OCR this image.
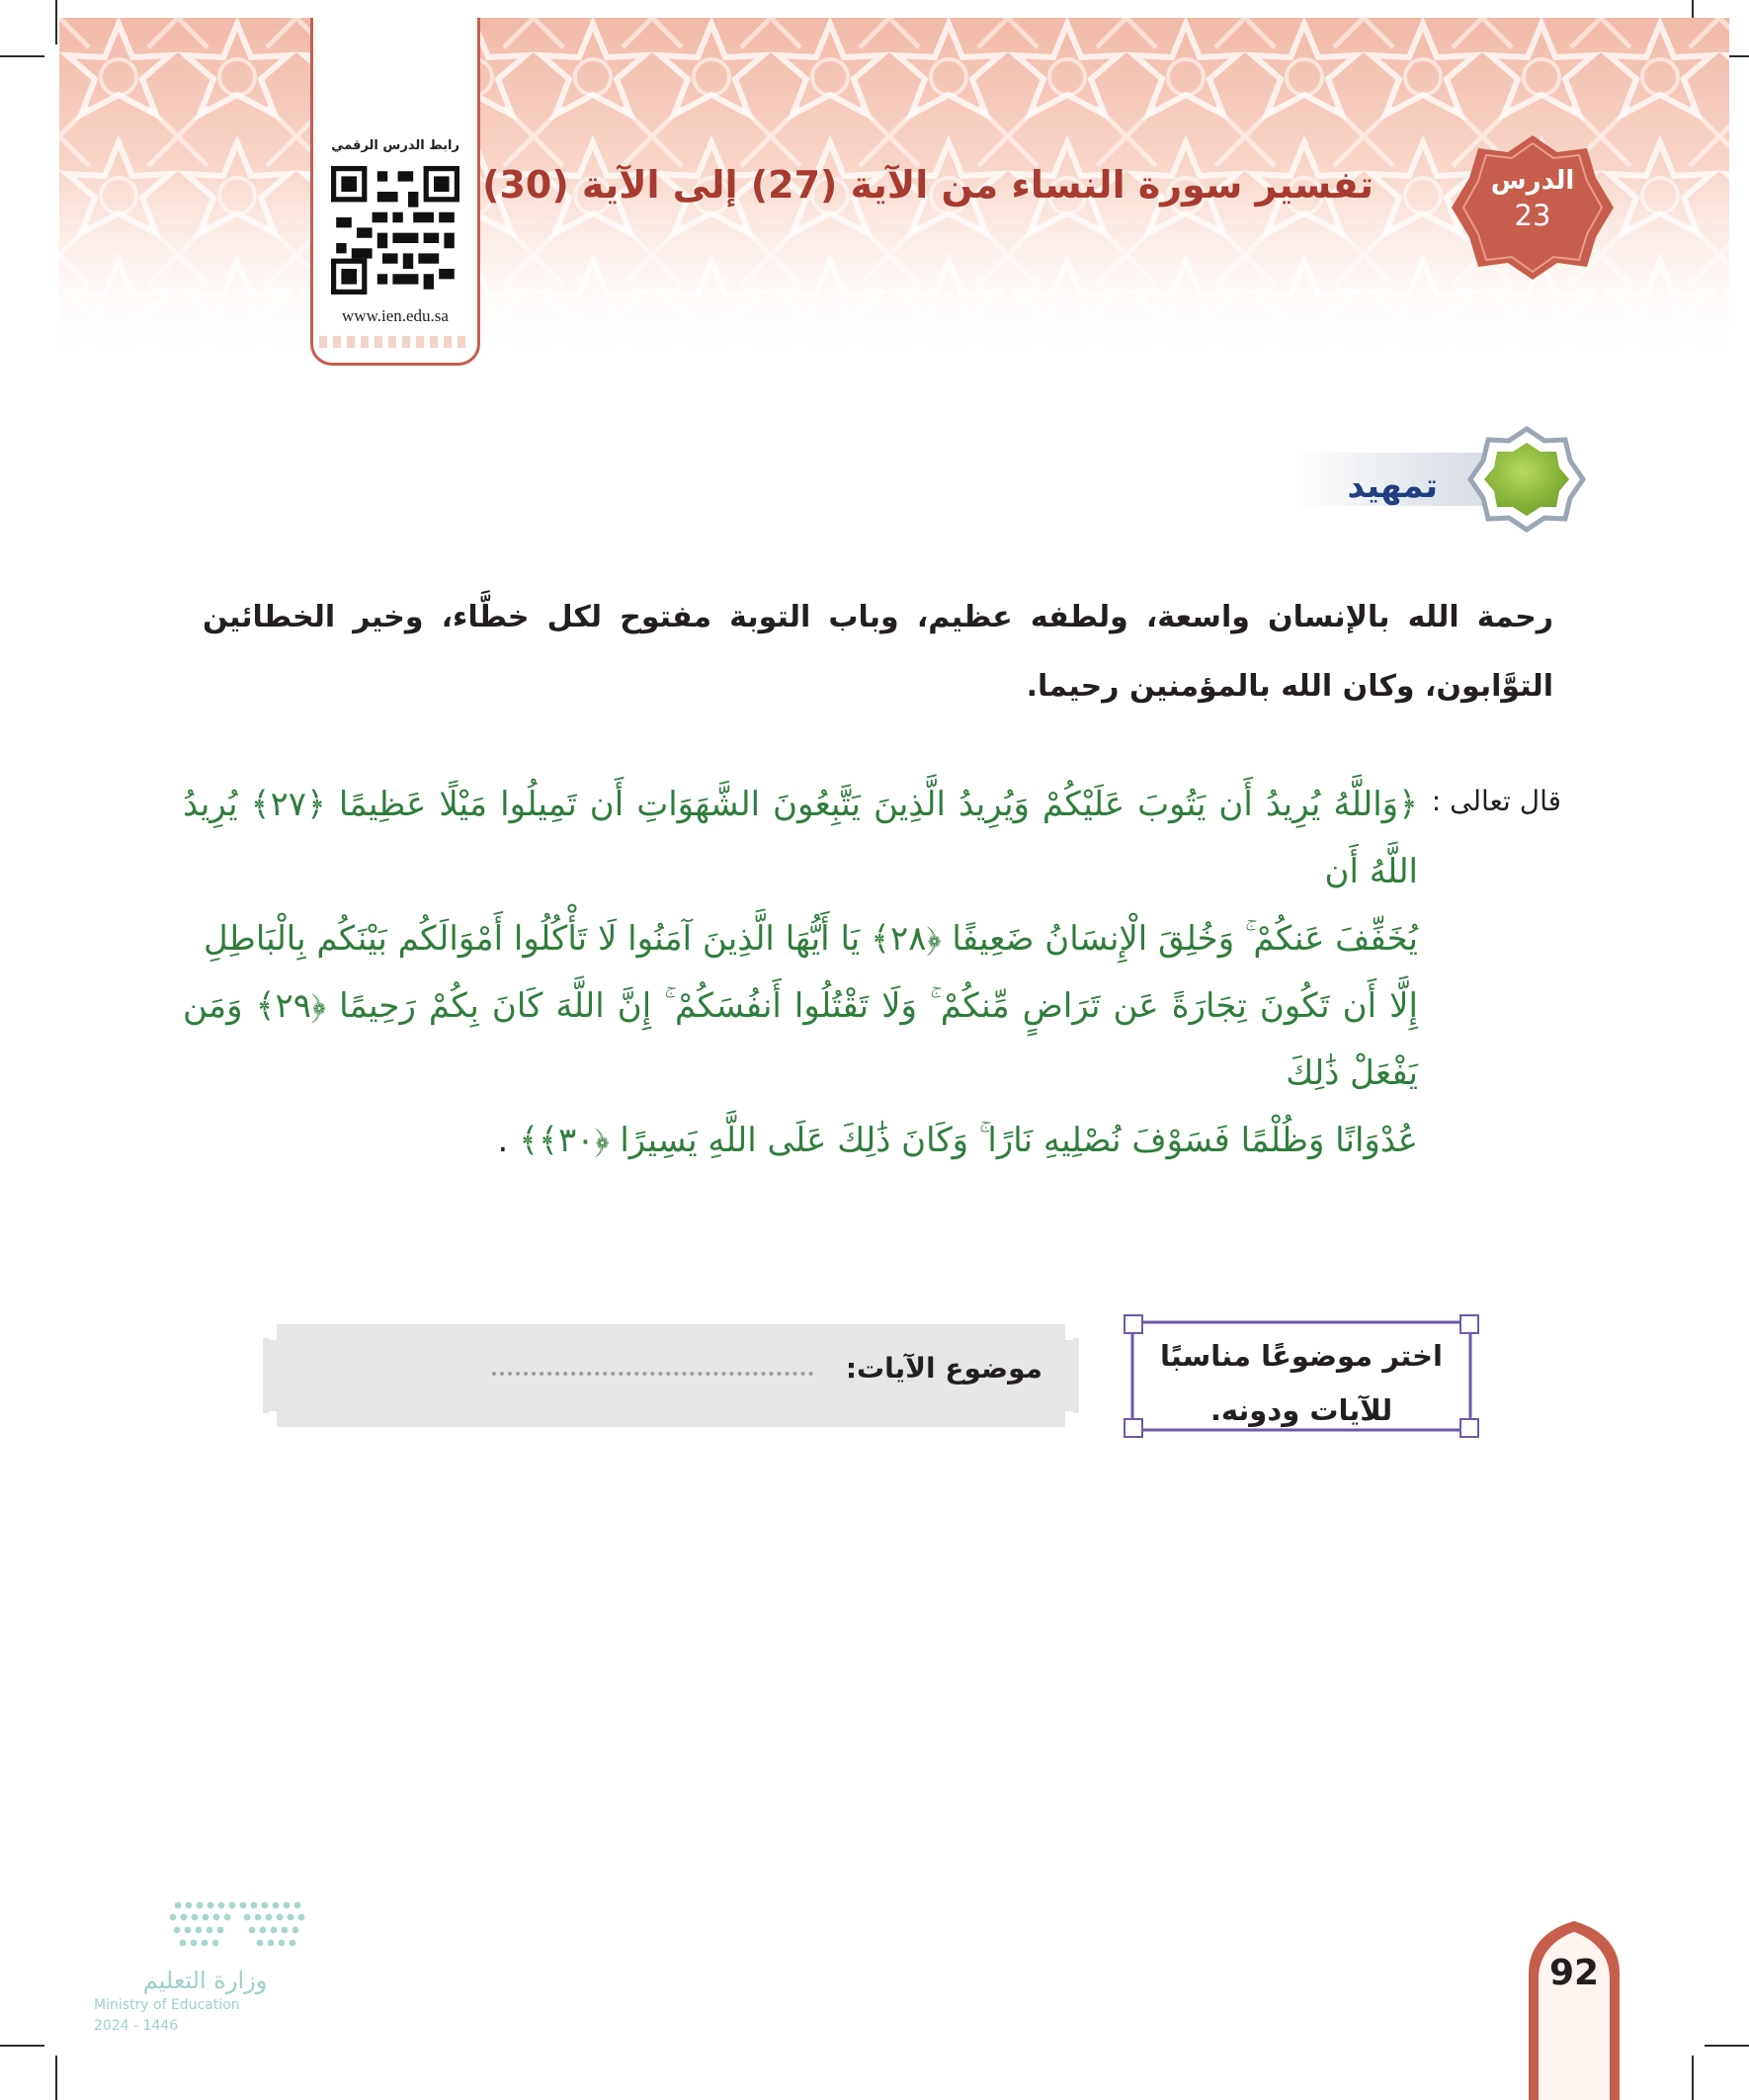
رابط الدرس الرقمي
www.ien.edu.sa
تفسير سورة النساء من الآية (27) إلى الآية (30)	الدرس
23
تمهيد

رحمة الله بالإنسان واسعة، ولطفه عظيم، وباب التوبة مفتوح لكل خطَّاء، وخير الخطائين التوَّابون، وكان الله بالمؤمنين رحيما.

قال تعالى :

﴿وَاللَّهُ يُرِيدُ أَن يَتُوبَ عَلَيْكُمْ وَيُرِيدُ الَّذِينَ يَتَّبِعُونَ الشَّهَوَاتِ أَن تَمِيلُوا مَيْلًا عَظِيمًا ﴿٢٧﴾ يُرِيدُ اللَّهُ أَن

يُخَفِّفَ عَنكُمْ ۚ وَخُلِقَ الْإِنسَانُ ضَعِيفًا ﴿٢٨﴾ يَا أَيُّهَا الَّذِينَ آمَنُوا لَا تَأْكُلُوا أَمْوَالَكُم بَيْنَكُم بِالْبَاطِلِ

إِلَّا أَن تَكُونَ تِجَارَةً عَن تَرَاضٍ مِّنكُمْ ۚ وَلَا تَقْتُلُوا أَنفُسَكُمْ ۚ إِنَّ اللَّهَ كَانَ بِكُمْ رَحِيمًا ﴿٢٩﴾ وَمَن يَفْعَلْ ذَٰلِكَ

عُدْوَانًا وَظُلْمًا فَسَوْفَ نُصْلِيهِ نَارًا ۚ وَكَانَ ذَٰلِكَ عَلَى اللَّهِ يَسِيرًا ﴿٣٠﴾﴾ .

اختر موضوعًا مناسبًا
للآيات ودونه.
موضوع الآيات:
وزارة التعليم
Ministry of Education
2024 - 1446
92
